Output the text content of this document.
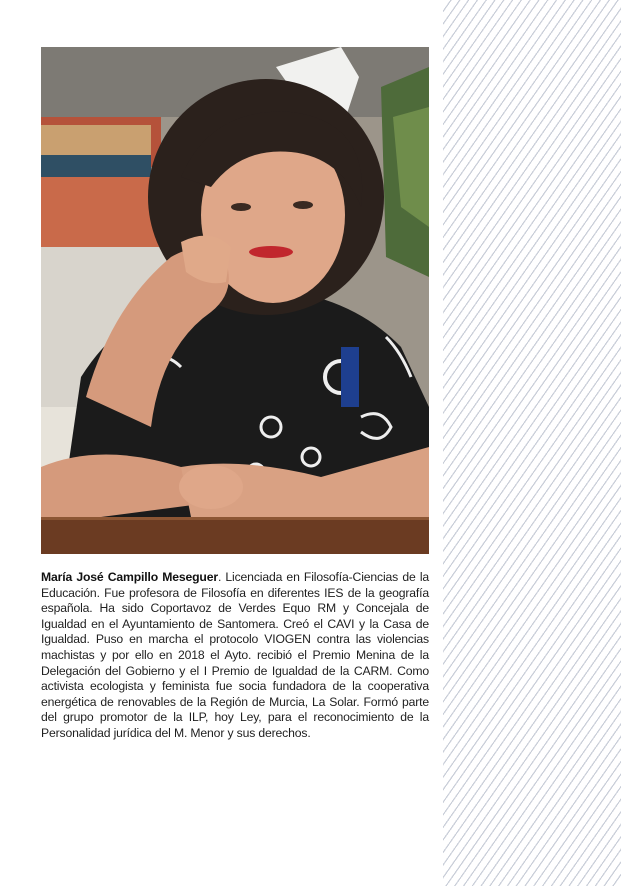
María José Campillo Meseguer. Licenciada en Filosofía-Ciencias de la Educación. Fue profesora de Filosofía en diferentes IES de la geografía española. Ha sido Coportavoz de Verdes Equo RM y Concejala de Igualdad en el Ayuntamiento de Santomera. Creó el CAVI y la Casa de Igualdad. Puso en marcha el protocolo VIOGEN contra las violencias machistas y por ello en 2018 el Ayto. recibió el Premio Menina de la Delegación del Gobierno y el I Premio de Igualdad de la CARM. Como activista ecologista y feminista fue socia fundadora de la cooperativa energética de renovables de la Región de Murcia, La Solar. Formó parte del grupo promotor de la ILP, hoy Ley, para el reconocimiento de la Personalidad jurídica del M. Menor y sus derechos.
